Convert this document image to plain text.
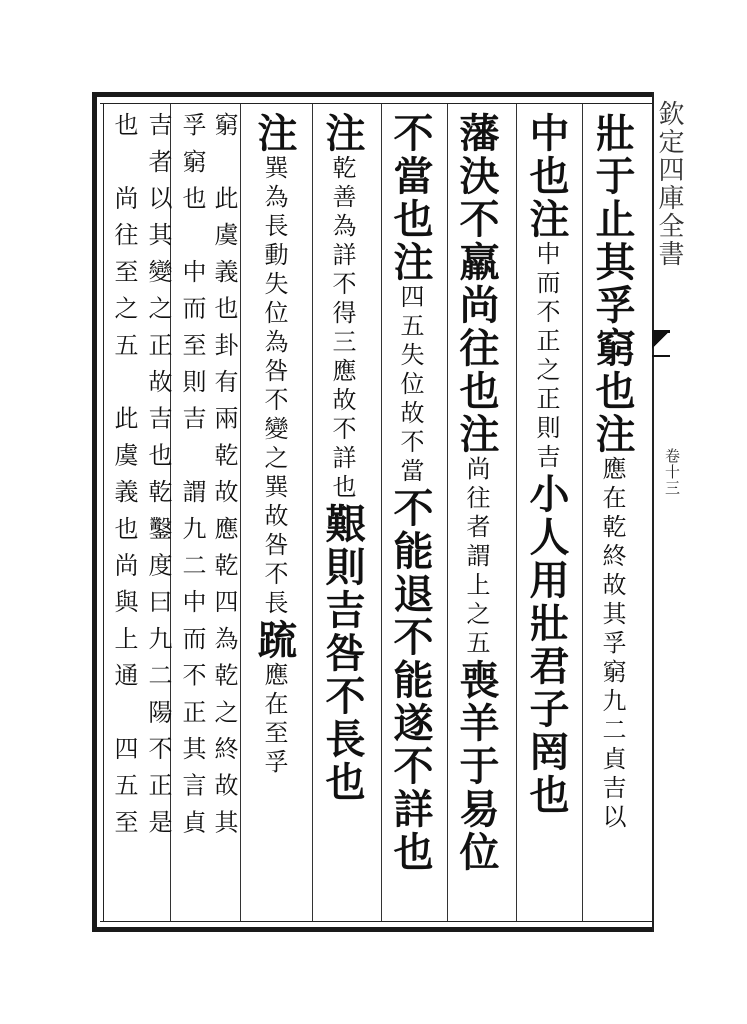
壯于止其孚窮也注應在乾終故其孚窮九二貞吉以
中也注中而不正之正則吉小人用壯君子罔也
藩決不羸尚往也注尚往者謂上之五喪羊于易位
不當也注四五失位故不當不能退不能遂不詳也
注乾善為詳不得三應故不詳也艱則吉咎不長也
注巽為長動失位為咎不變之巽故咎不長䟽應在至孚
窮　此虞義也卦有兩乾故應乾四為乾之終故其
孚窮也　中而至則吉　謂九二中而不正其言貞
吉者以其變之正故吉也乾鑿度曰九二陽不正是
也　尚往至之五　此虞義也尚與上通　四五至	欽定四庫全書
卷十三
